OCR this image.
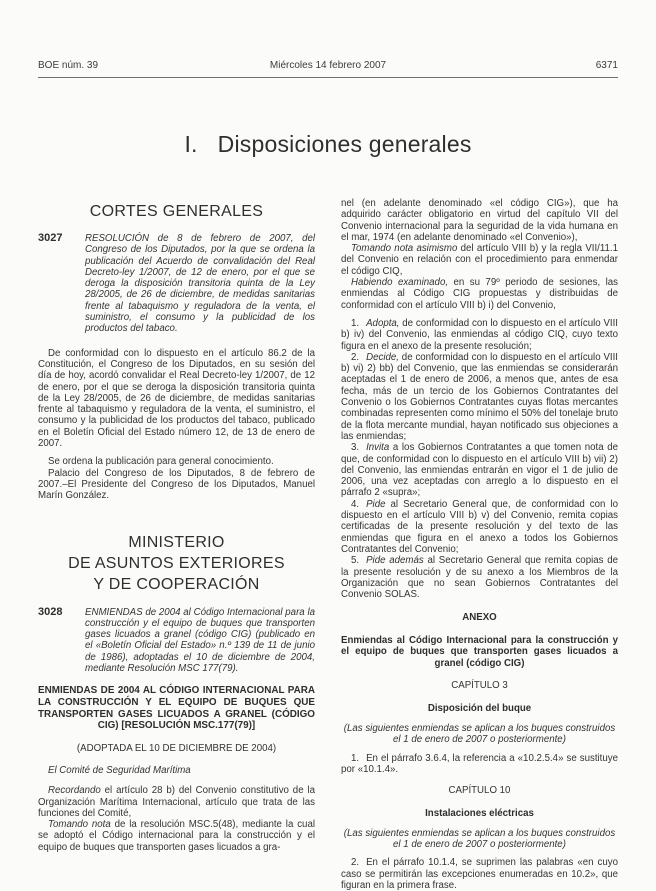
BOE núm. 39	Miércoles 14 febrero 2007	6371
I. Disposiciones generales
CORTES GENERALES
3027	RESOLUCIÓN de 8 de febrero de 2007, del Congreso de los Diputados, por la que se ordena la publicación del Acuerdo de convalidación del Real Decreto-ley 1/2007, de 12 de enero, por el que se deroga la disposición transitoria quinta de la Ley 28/2005, de 26 de diciembre, de medidas sanitarias frente al tabaquismo y reguladora de la venta, el suministro, el consumo y la publicidad de los productos del tabaco.

De conformidad con lo dispuesto en el artículo 86.2 de la Constitución, el Congreso de los Diputados, en su sesión del día de hoy, acordó convalidar el Real Decreto-ley 1/2007, de 12 de enero, por el que se deroga la disposición transitoria quinta de la Ley 28/2005, de 26 de diciembre, de medidas sanitarias frente al tabaquismo y reguladora de la venta, el suministro, el consumo y la publicidad de los productos del tabaco, publicado en el Boletín Oficial del Estado número 12, de 13 de enero de 2007.

Se ordena la publicación para general conocimiento.

Palacio del Congreso de los Diputados, 8 de febrero de 2007.–El Presidente del Congreso de los Diputados, Manuel Marín González.

MINISTERIO
DE ASUNTOS EXTERIORES
Y DE COOPERACIÓN
3028	ENMIENDAS de 2004 al Código Internacional para la construcción y el equipo de buques que transporten gases licuados a granel (código CIG) (publicado en el «Boletín Oficial del Estado» n.º 139 de 11 de junio de 1986), adoptadas el 10 de diciembre de 2004, mediante Resolución MSC 177(79).

ENMIENDAS DE 2004 AL CÓDIGO INTERNACIONAL PARA LA CONSTRUCCIÓN Y EL EQUIPO DE BUQUES QUE TRANSPORTEN GASES LICUADOS A GRANEL (CÓDIGO CIG) [RESOLUCIÓN MSC.177(79)]

(ADOPTADA EL 10 DE DICIEMBRE DE 2004)

El Comité de Seguridad Marítima

Recordando el artículo 28 b) del Convenio constitutivo de la Organización Marítima Internacional, artículo que trata de las funciones del Comité,

Tomando nota de la resolución MSC.5(48), mediante la cual se adoptó el Código internacional para la construcción y el equipo de buques que transporten gases licuados a gra-

nel (en adelante denominado «el código CIG»), que ha adquirido carácter obligatorio en virtud del capítulo VII del Convenio internacional para la seguridad de la vida humana en el mar, 1974 (en adelante denominado «el Convenio»),

Tomando nota asimismo del artículo VIII b) y la regla VII/11.1 del Convenio en relación con el procedimiento para enmendar el código CIQ,

Habiendo examinado, en su 79º periodo de sesiones, las enmiendas al Código CIG propuestas y distribuidas de conformidad con el artículo VIII b) i) del Convenio,

1. Adopta, de conformidad con lo dispuesto en el artículo VIII b) iv) del Convenio, las enmiendas al código CIQ, cuyo texto figura en el anexo de la presente resolución;

2. Decide, de conformidad con lo dispuesto en el artículo VIII b) vi) 2) bb) del Convenio, que las enmiendas se considerarán aceptadas el 1 de enero de 2006, a menos que, antes de esa fecha, más de un tercio de los Gobiernos Contratantes del Convenio o los Gobiernos Contratantes cuyas flotas mercantes combinadas representen como mínimo el 50% del tonelaje bruto de la flota mercante mundial, hayan notificado sus objeciones a las enmiendas;

3. Invita a los Gobiernos Contratantes a que tomen nota de que, de conformidad con lo dispuesto en el artículo VIII b) vii) 2) del Convenio, las enmiendas entrarán en vigor el 1 de julio de 2006, una vez aceptadas con arreglo a lo dispuesto en el párrafo 2 «supra»;

4. Pide al Secretario General que, de conformidad con lo dispuesto en el artículo VIII b) v) del Convenio, remita copias certificadas de la presente resolución y del texto de las enmiendas que figura en el anexo a todos los Gobiernos Contratantes del Convenio;

5. Pide además al Secretario General que remita copias de la presente resolución y de su anexo a los Miembros de la Organización que no sean Gobiernos Contratantes del Convenio SOLAS.

ANEXO

Enmiendas al Código Internacional para la construcción y el equipo de buques que transporten gases licuados a granel (código CIG)

CAPÍTULO 3

Disposición del buque

(Las siguientes enmiendas se aplican a los buques construidos el 1 de enero de 2007 o posteriormente)

1. En el párrafo 3.6.4, la referencia a «10.2.5.4» se sustituye por «10.1.4».

CAPÍTULO 10

Instalaciones eléctricas

(Las siguientes enmiendas se aplican a los buques construidos el 1 de enero de 2007 o posteriormente)

2. En el párrafo 10.1.4, se suprimen las palabras «en cuyo caso se permitirán las excepciones enumeradas en 10.2», que figuran en la primera frase.
